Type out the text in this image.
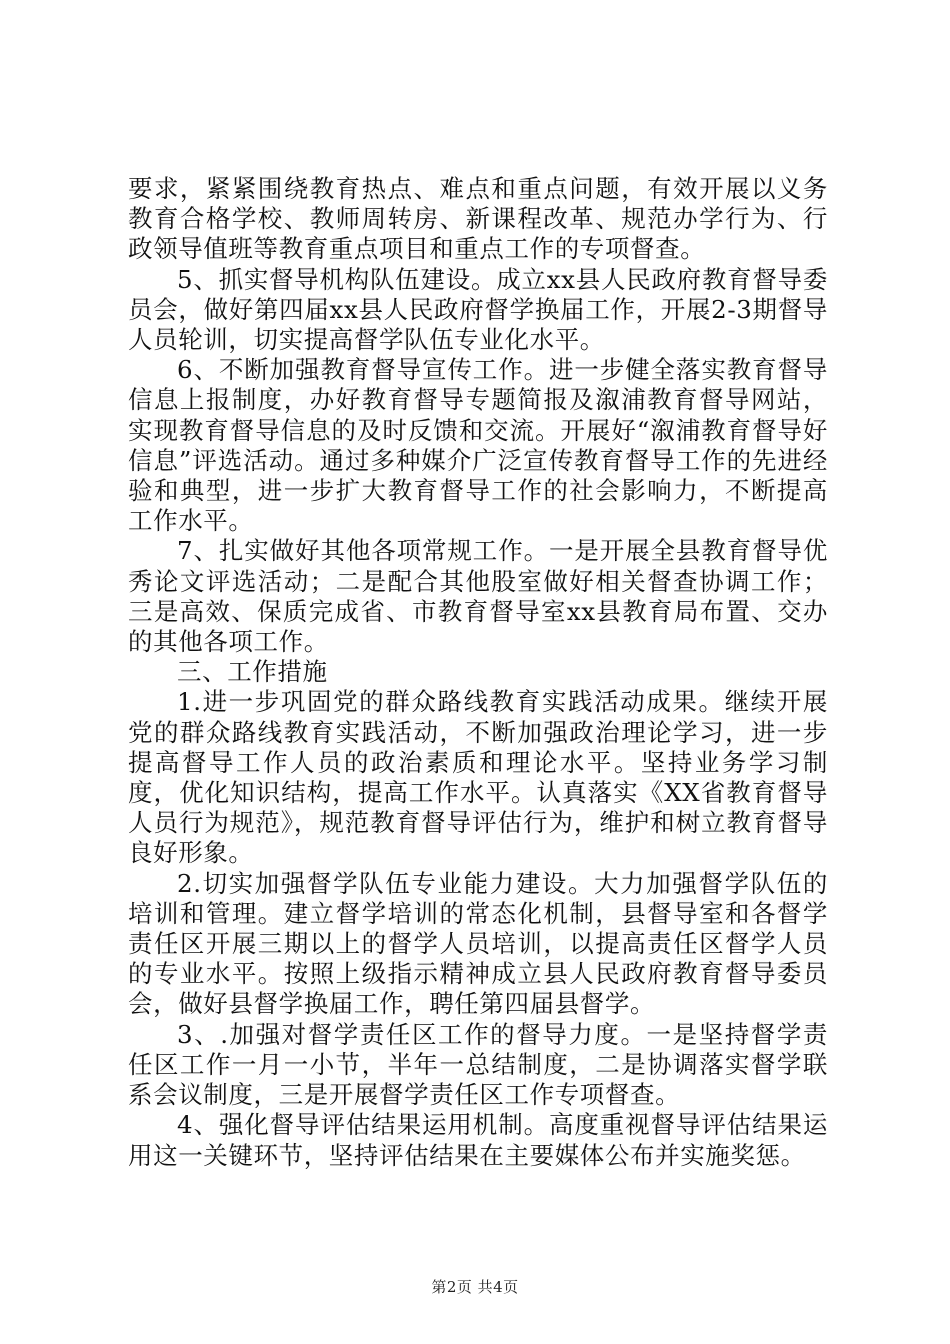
要求，紧紧围绕教育热点、难点和重点问题，有效开展以义务教育合格学校、教师周转房、新课程改革、规范办学行为、行政领导值班等教育重点项目和重点工作的专项督查。

5、抓实督导机构队伍建设。成立xx县人民政府教育督导委员会，做好第四届xx县人民政府督学换届工作，开展2-3期督导人员轮训，切实提高督学队伍专业化水平。

6、不断加强教育督导宣传工作。进一步健全落实教育督导信息上报制度，办好教育督导专题简报及溆浦教育督导网站，实现教育督导信息的及时反馈和交流。开展好“溆浦教育督导好信息”评选活动。通过多种媒介广泛宣传教育督导工作的先进经验和典型，进一步扩大教育督导工作的社会影响力，不断提高工作水平。

7、扎实做好其他各项常规工作。一是开展全县教育督导优秀论文评选活动；二是配合其他股室做好相关督查协调工作；三是高效、保质完成省、市教育督导室xx县教育局布置、交办的其他各项工作。

三、工作措施

1.进一步巩固党的群众路线教育实践活动成果。继续开展党的群众路线教育实践活动，不断加强政治理论学习，进一步提高督导工作人员的政治素质和理论水平。坚持业务学习制度，优化知识结构，提高工作水平。认真落实《XX省教育督导人员行为规范》，规范教育督导评估行为，维护和树立教育督导良好形象。

2.切实加强督学队伍专业能力建设。大力加强督学队伍的培训和管理。建立督学培训的常态化机制，县督导室和各督学责任区开展三期以上的督学人员培训，以提高责任区督学人员的专业水平。按照上级指示精神成立县人民政府教育督导委员会，做好县督学换届工作，聘任第四届县督学。

3、.加强对督学责任区工作的督导力度。一是坚持督学责任区工作一月一小节，半年一总结制度，二是协调落实督学联系会议制度，三是开展督学责任区工作专项督查。

4、强化督导评估结果运用机制。高度重视督导评估结果运用这一关键环节，坚持评估结果在主要媒体公布并实施奖惩。

第2页 共4页
